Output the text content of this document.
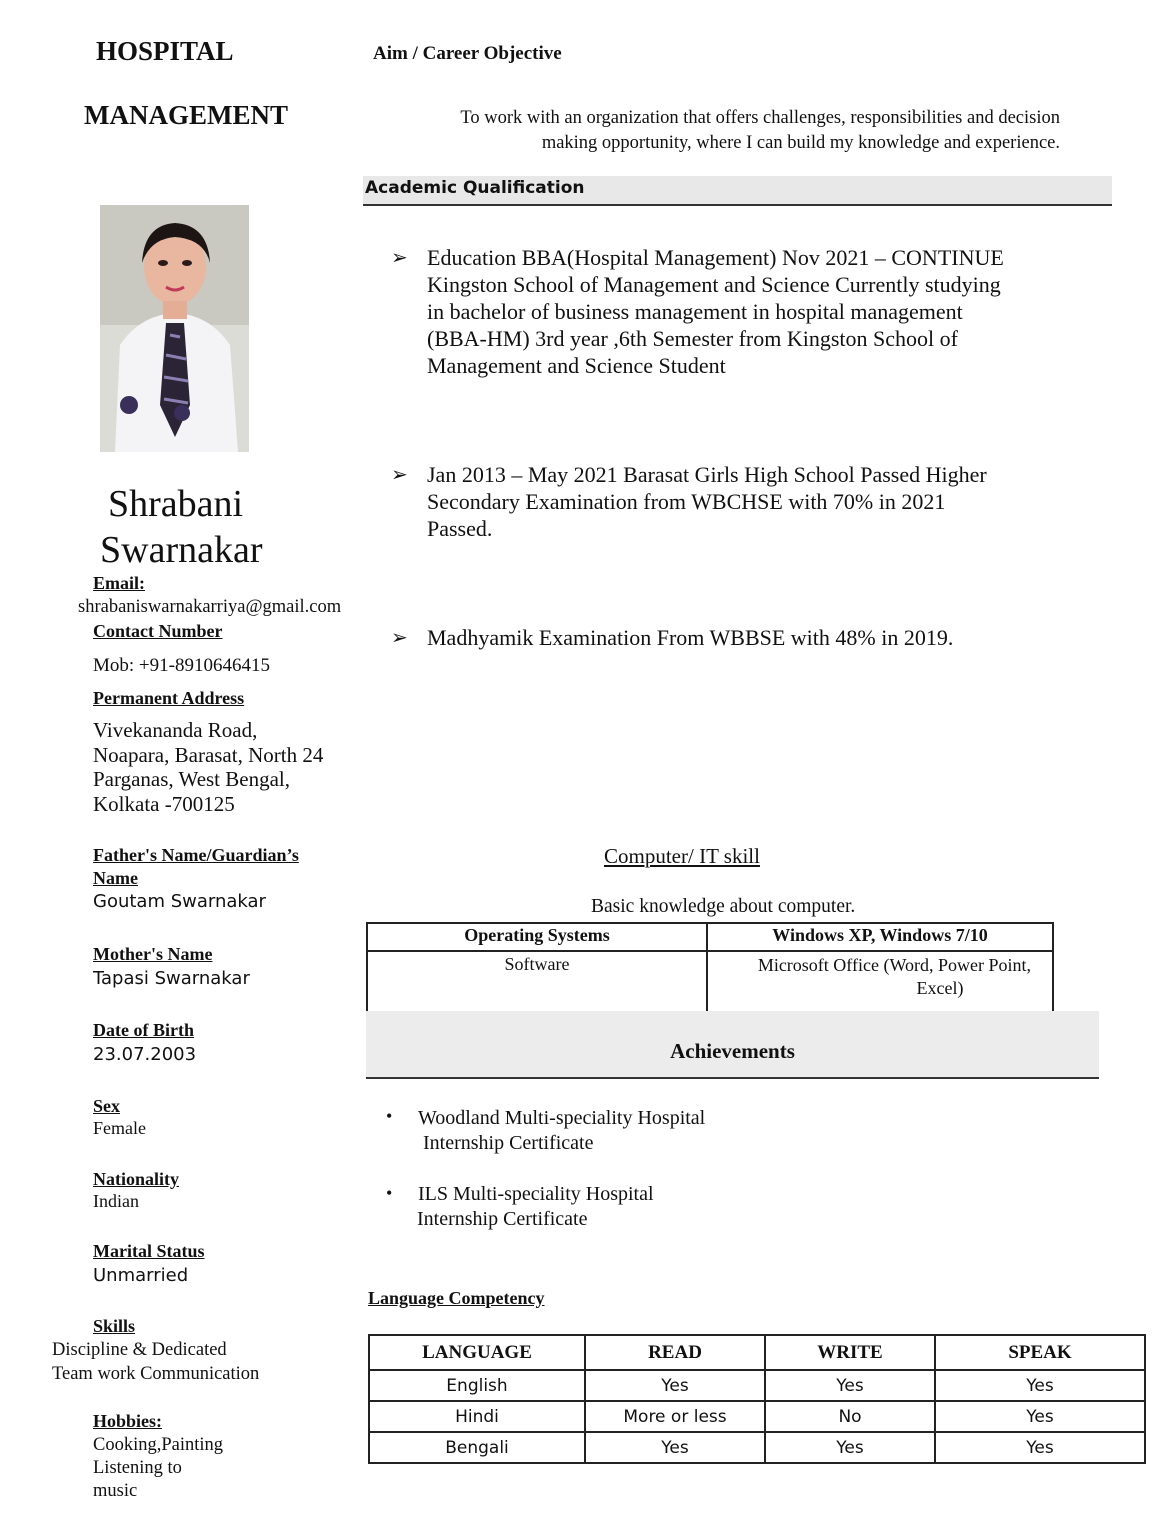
HOSPITAL
MANAGEMENT
Shrabani
Swarnakar
Email:
shrabaniswarnakarriya@gmail.com
Contact Number
Mob: +91-8910646415
Permanent Address
Vivekananda Road,
Noapara, Barasat, North 24
Parganas, West Bengal,
Kolkata -700125
Father's Name/Guardian’s
Name
Goutam Swarnakar
Mother's Name
Tapasi Swarnakar
Date of Birth
23.07.2003
Sex
Female
Nationality
Indian
Marital Status
Unmarried
Skills
Discipline & Dedicated
Team work Communication
Hobbies:
Cooking,Painting
Listening to
music
Aim / Career Objective
To work with an organization that offers challenges, responsibilities and decision
making opportunity, where I can build my knowledge and experience.
Academic Qualification
➢ Education BBA(Hospital Management) Nov 2021 – CONTINUE
Kingston School of Management and Science Currently studying
in bachelor of business management in hospital management
(BBA-HM) 3rd year ,6th Semester from Kingston School of
Management and Science Student
➢ Jan 2013 – May 2021 Barasat Girls High School Passed Higher
Secondary Examination from WBCHSE with 70% in 2021
Passed.
➢ Madhyamik Examination From WBBSE with 48% in 2019.
Computer/ IT skill
Basic knowledge about computer.
Operating Systems	Windows XP, Windows 7/10
Software	Microsoft Office (Word, Power Point,
Excel)
Achievements
• Woodland Multi-speciality Hospital
Internship Certificate
• ILS Multi-speciality Hospital
Internship Certificate
Language Competency
LANGUAGE	READ	WRITE	SPEAK
English	Yes	Yes	Yes
Hindi	More or less	No	Yes
Bengali	Yes	Yes	Yes
